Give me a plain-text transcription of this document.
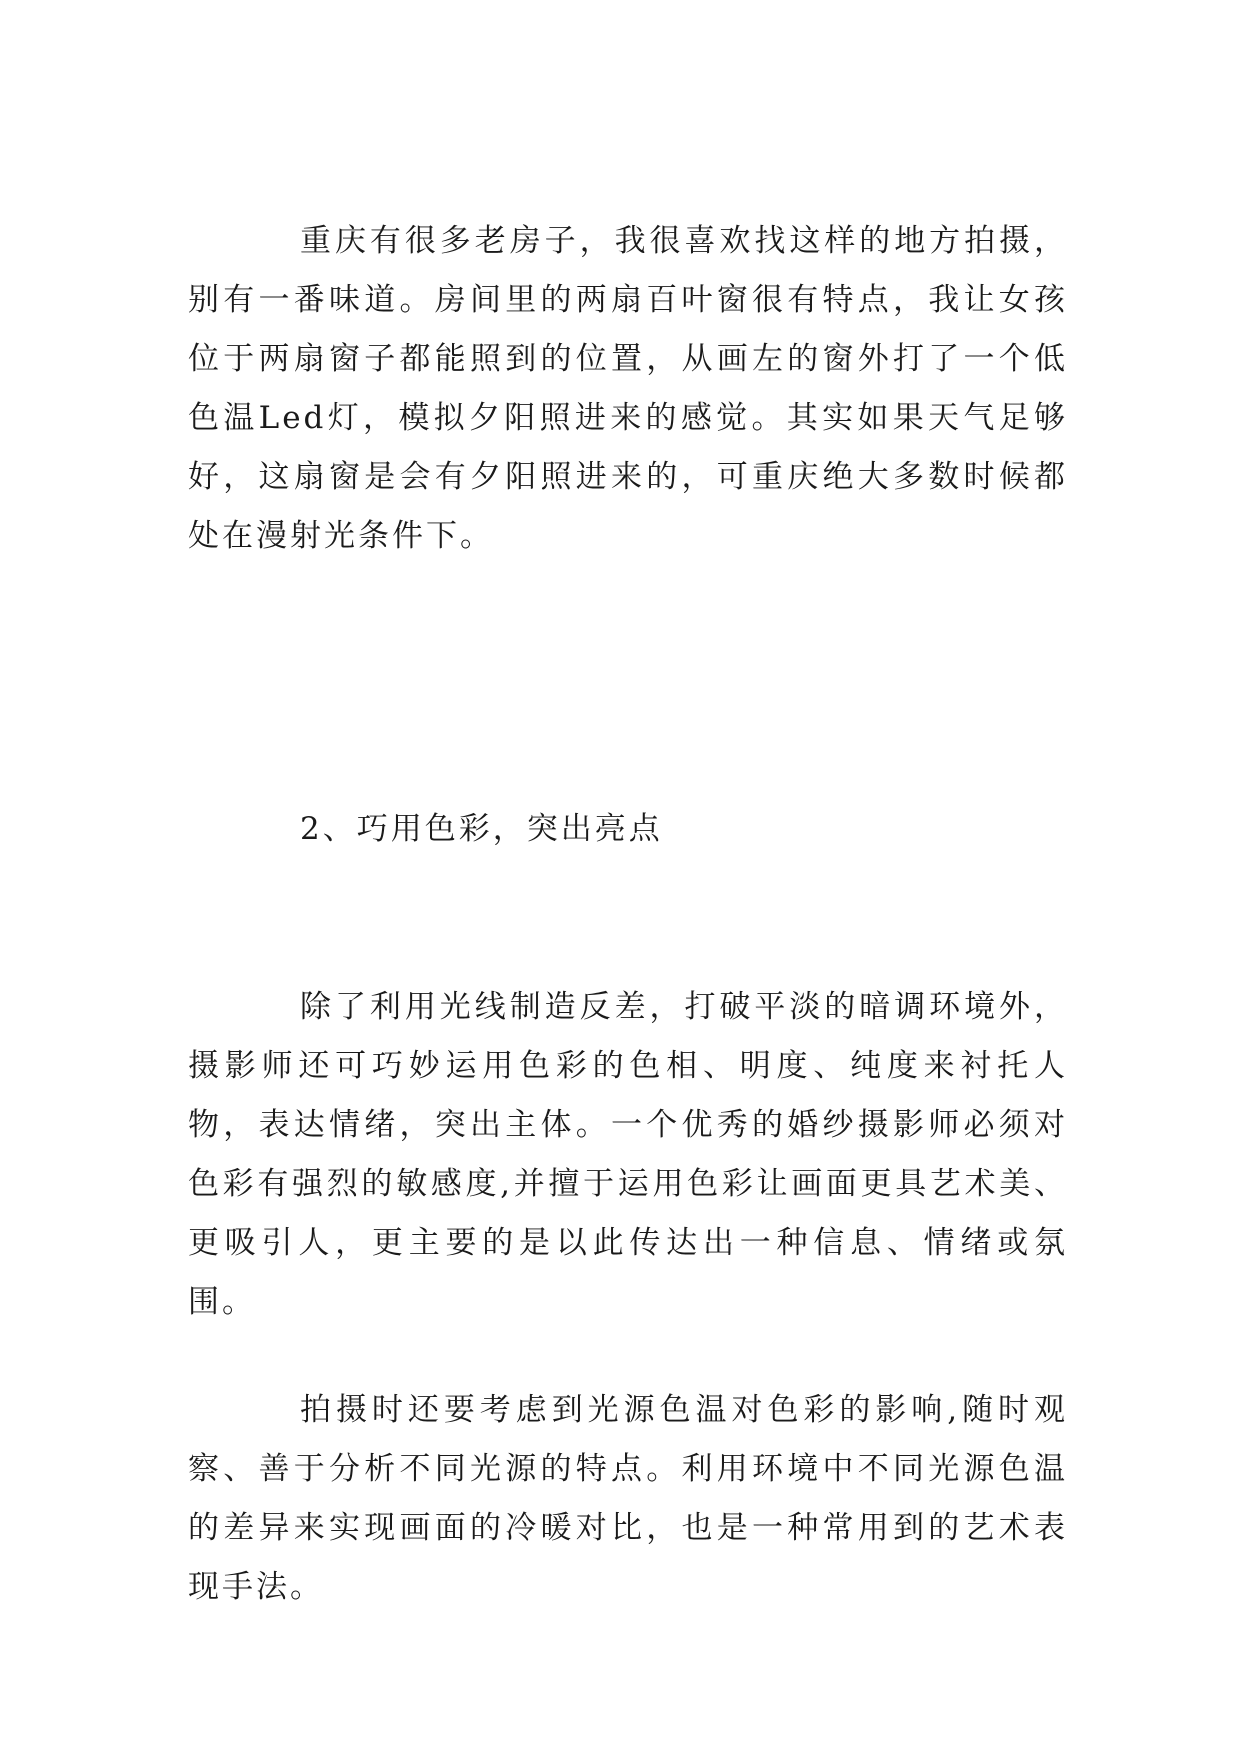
重庆有很多老房子，我很喜欢找这样的地方拍摄，别有一番味道。房间里的两扇百叶窗很有特点，我让女孩位于两扇窗子都能照到的位置，从画左的窗外打了一个低色温Led灯，模拟夕阳照进来的感觉。其实如果天气足够好，这扇窗是会有夕阳照进来的，可重庆绝大多数时候都处在漫射光条件下。

2、巧用色彩，突出亮点

除了利用光线制造反差，打破平淡的暗调环境外，摄影师还可巧妙运用色彩的色相、明度、纯度来衬托人物，表达情绪，突出主体。一个优秀的婚纱摄影师必须对色彩有强烈的敏感度,并擅于运用色彩让画面更具艺术美、更吸引人，更主要的是以此传达出一种信息、情绪或氛围。

拍摄时还要考虑到光源色温对色彩的影响,随时观察、善于分析不同光源的特点。利用环境中不同光源色温的差异来实现画面的冷暖对比，也是一种常用到的艺术表现手法。
